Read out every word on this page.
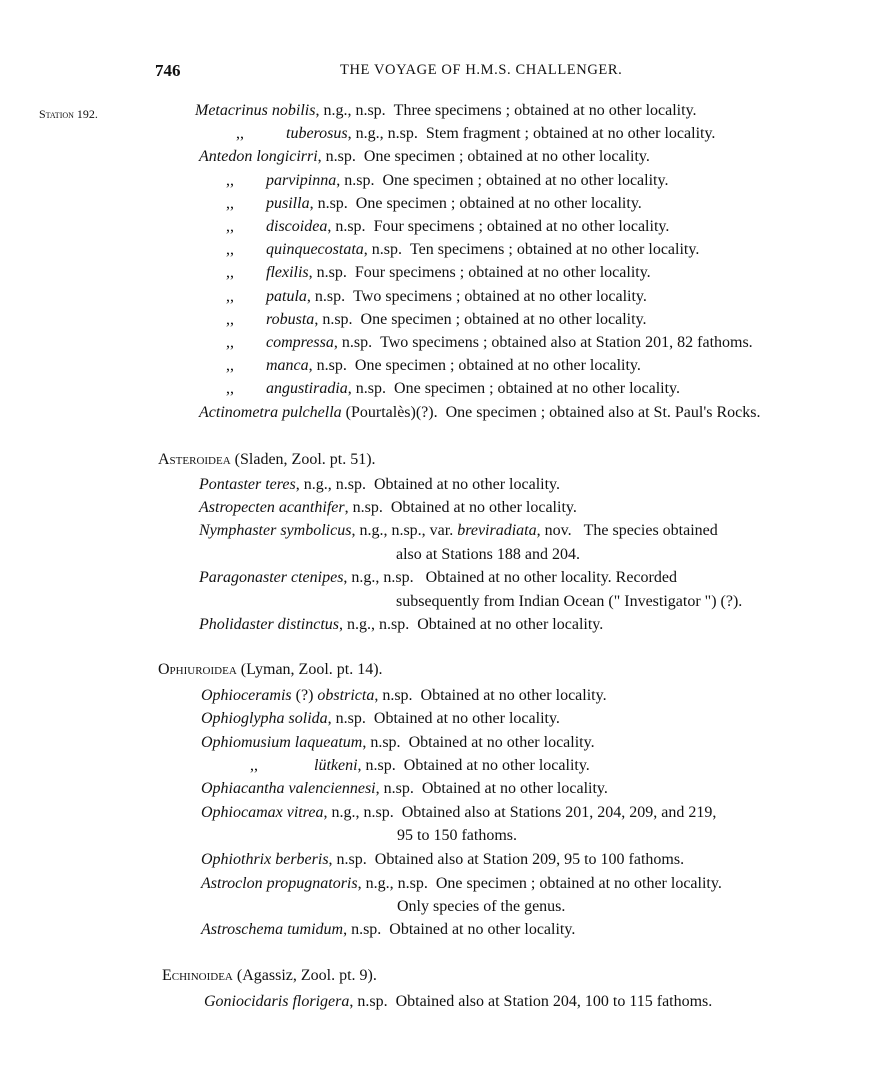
746	THE VOYAGE OF H.M.S. CHALLENGER.
Station 192.	Metacrinus nobilis, n.g., n.sp. Three specimens ; obtained at no other locality.
,,	tuberosus, n.g., n.sp. Stem fragment ; obtained at no other locality.
Antedon longicirri, n.sp. One specimen ; obtained at no other locality.
,, parvipinna, n.sp. One specimen ; obtained at no other locality.
,, pusilla, n.sp. One specimen ; obtained at no other locality.
,, discoidea, n.sp. Four specimens ; obtained at no other locality.
,, quinquecostata, n.sp. Ten specimens ; obtained at no other locality.
,, flexilis, n.sp. Four specimens ; obtained at no other locality.
,, patula, n.sp. Two specimens ; obtained at no other locality.
,, robusta, n.sp. One specimen ; obtained at no other locality.
,, compressa, n.sp. Two specimens ; obtained also at Station 201, 82 fathoms.
,, manca, n.sp. One specimen ; obtained at no other locality.
,, angustiradia, n.sp. One specimen ; obtained at no other locality.
Actinometra pulchella (Pourtalès)(?). One specimen ; obtained also at St. Paul's Rocks.
Asteroidea (Sladen, Zool. pt. 51).
Pontaster teres, n.g., n.sp. Obtained at no other locality.
Astropecten acanthifer, n.sp. Obtained at no other locality.
Nymphaster symbolicus, n.g., n.sp., var. breviradiata, nov. The species obtained
also at Stations 188 and 204.
Paragonaster ctenipes, n.g., n.sp. Obtained at no other locality. Recorded
subsequently from Indian Ocean (" Investigator ") (?).
Pholidaster distinctus, n.g., n.sp. Obtained at no other locality.
Ophiuroidea (Lyman, Zool. pt. 14).
Ophioceramis (?) obstricta, n.sp. Obtained at no other locality.
Ophioglypha solida, n.sp. Obtained at no other locality.
Ophiomusium laqueatum, n.sp. Obtained at no other locality.
,,	lütkeni, n.sp. Obtained at no other locality.
Ophiacantha valenciennesi, n.sp. Obtained at no other locality.
Ophiocamax vitrea, n.g., n.sp. Obtained also at Stations 201, 204, 209, and 219,
95 to 150 fathoms.
Ophiothrix berberis, n.sp. Obtained also at Station 209, 95 to 100 fathoms.
Astroclon propugnatoris, n.g., n.sp. One specimen ; obtained at no other locality.
Only species of the genus.
Astroschema tumidum, n.sp. Obtained at no other locality.
Echinoidea (Agassiz, Zool. pt. 9).
Goniocidaris florigera, n.sp. Obtained also at Station 204, 100 to 115 fathoms.
